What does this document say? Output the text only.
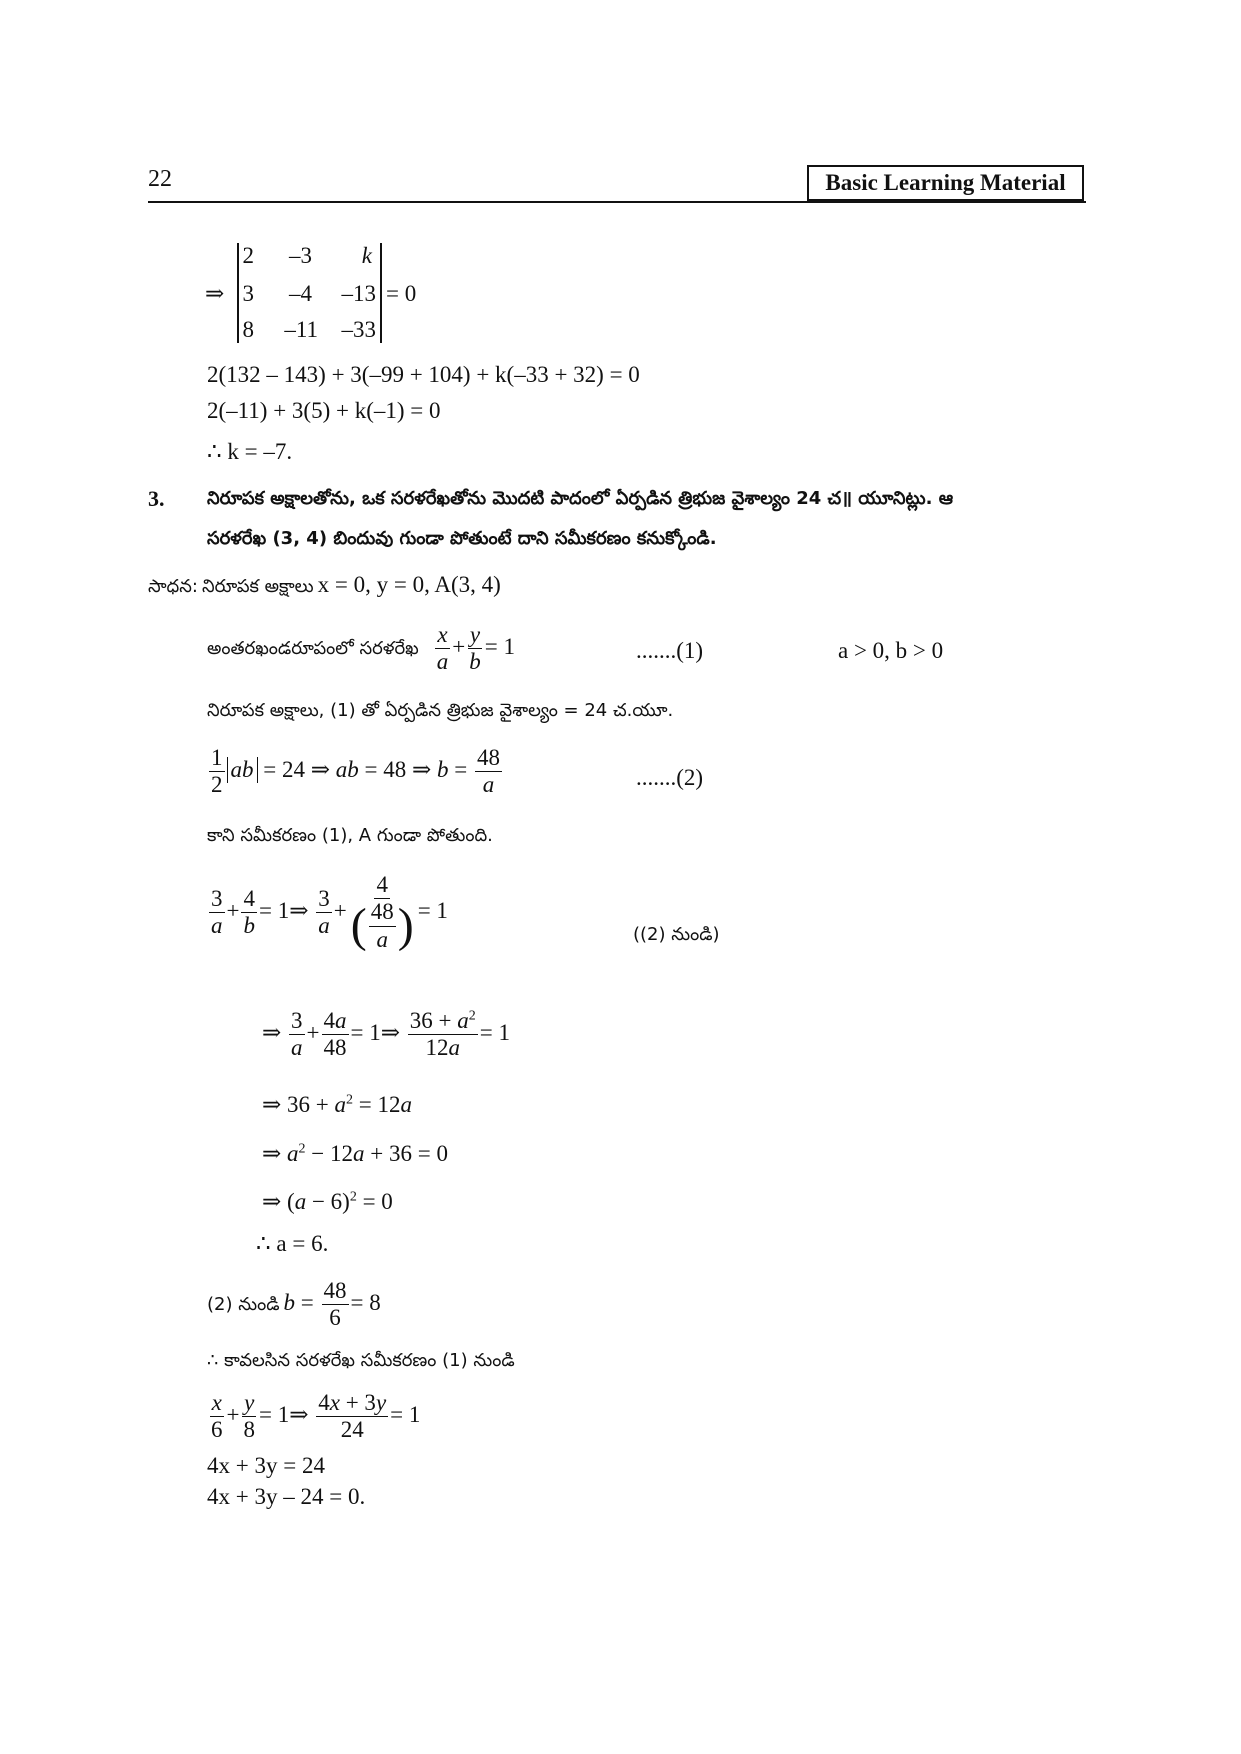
22	Basic Learning Material
⇒
2	–3	k
3	–4	–13
8	–11	–33
= 0
2(132 – 143) + 3(–99 + 104) + k(–33 + 32) = 0
2(–11) + 3(5) + k(–1) = 0
∴ k = –7.
3. నిరూపక అక్షాలతోను, ఒక సరళరేఖతోను మొదటి పాదంలో ఏర్పడిన త్రిభుజ వైశాల్యం 24 చ॥ యూనిట్లు. ఆ
సరళరేఖ (3, 4) బిందువు గుండా పోతుంటే దాని సమీకరణం కనుక్కోండి.
సాధన: నిరూపక అక్షాలు x = 0, y = 0, A(3, 4)
అంతరఖండరూపంలో సరళరేఖ $\frac{x}{a} + \frac{y}{b} = 1$	.......(1)	a > 0, b > 0
నిరూపక అక్షాలు, (1) తో ఏర్పడిన త్రిభుజ వైశాల్యం = 24 చ.యూ.
$\frac{1}{2}$ ab = 24 ⇒ ab = 48 ⇒ $b = \frac{48}{a}$	.......(2)
కాని సమీకరణం (1), A గుండా పోతుంది.
$\frac{3}{a} + \frac{4}{b}$ = 1⇒ $\frac{3}{a} + \frac{4}{( \frac{48}{a} )} = 1$
((2) నుండి)
⇒ $\frac{3}{a} + \frac{4a}{48}$ = 1⇒ $\frac{36 + a^2}{12a} = 1$
⇒ $36 + a^2 = 12a$
⇒ $a^2 - 12a + 36 = 0$
⇒ $(a - 6)^2 = 0$
∴ a = 6.
(2) నుండి $b = \frac{48}{6} = 8$
∴ కావలసిన సరళరేఖ సమీకరణం (1) నుండి
$\frac{x}{6} + \frac{y}{8}$ = 1⇒ $\frac{4x + 3y}{24} = 1$
4x + 3y = 24
4x + 3y – 24 = 0.
